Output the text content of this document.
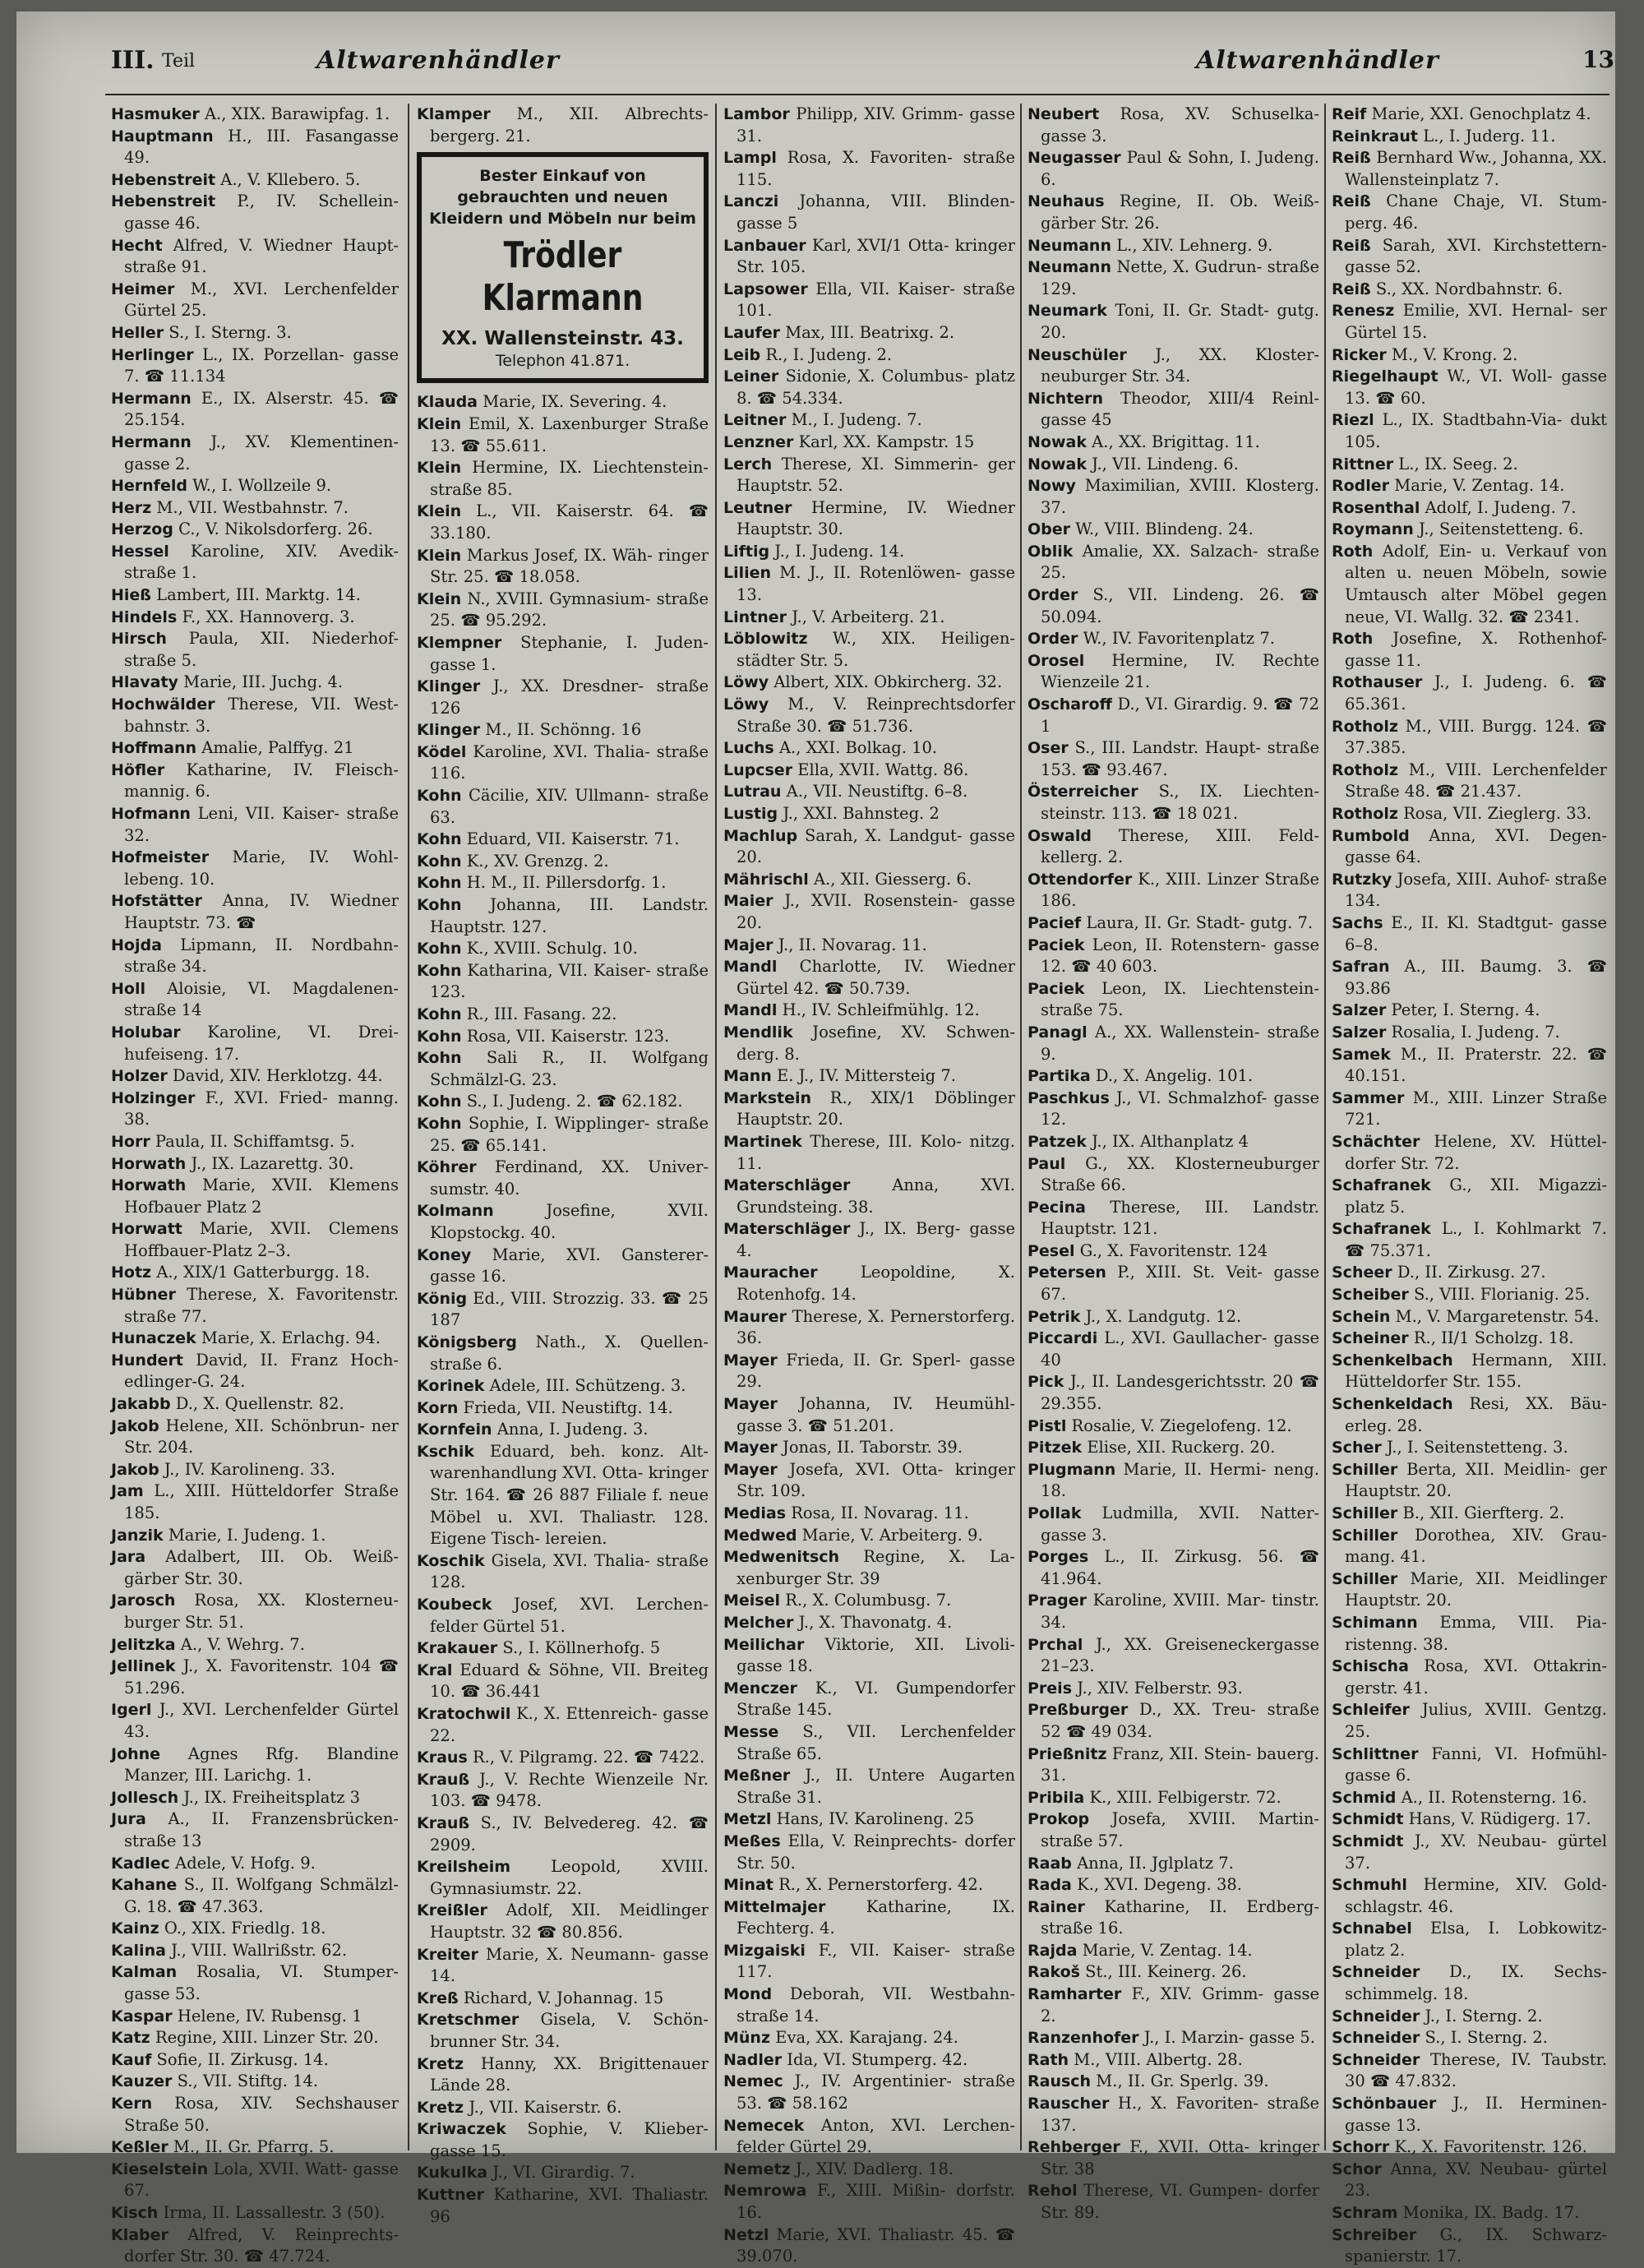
III. Teil	Altwarenhändler	Altwarenhändler	13

Hasmuker A., XIX. Barawipfag. 1.

Hauptmann H., III. Fasangasse 49.

Hebenstreit A., V. Kllebero. 5.

Hebenstreit P., IV. Schellein- gasse 46.

Hecht Alfred, V. Wiedner Haupt- straße 91.

Heimer M., XVI. Lerchenfelder Gürtel 25.

Heller S., I. Sterng. 3.

Herlinger L., IX. Porzellan- gasse 7. ☎ 11.134

Hermann E., IX. Alserstr. 45. ☎ 25.154.

Hermann J., XV. Klementinen- gasse 2.

Hernfeld W., I. Wollzeile 9.

Herz M., VII. Westbahnstr. 7.

Herzog C., V. Nikolsdorferg. 26.

Hessel Karoline, XIV. Avedik- straße 1.

Hieß Lambert, III. Marktg. 14.

Hindels F., XX. Hannoverg. 3.

Hirsch Paula, XII. Niederhof- straße 5.

Hlavaty Marie, III. Juchg. 4.

Hochwälder Therese, VII. West- bahnstr. 3.

Hoffmann Amalie, Palffyg. 21

Höfler Katharine, IV. Fleisch- mannig. 6.

Hofmann Leni, VII. Kaiser- straße 32.

Hofmeister Marie, IV. Wohl- lebeng. 10.

Hofstätter Anna, IV. Wiedner Hauptstr. 73. ☎

Hojda Lipmann, II. Nordbahn- straße 34.

Holl Aloisie, VI. Magdalenen- straße 14

Holubar Karoline, VI. Drei- hufeiseng. 17.

Holzer David, XIV. Herklotzg. 44.

Holzinger F., XVI. Fried- manng. 38.

Horr Paula, II. Schiffamtsg. 5.

Horwath J., IX. Lazarettg. 30.

Horwath Marie, XVII. Klemens Hofbauer Platz 2

Horwatt Marie, XVII. Clemens Hoffbauer-Platz 2–3.

Hotz A., XIX/1 Gatterburgg. 18.

Hübner Therese, X. Favoritenstr. straße 77.

Hunaczek Marie, X. Erlachg. 94.

Hundert David, II. Franz Hoch- edlinger-G. 24.

Jakabb D., X. Quellenstr. 82.

Jakob Helene, XII. Schönbrun- ner Str. 204.

Jakob J., IV. Karolineng. 33.

Jam L., XIII. Hütteldorfer Straße 185.

Janzik Marie, I. Judeng. 1.

Jara Adalbert, III. Ob. Weiß- gärber Str. 30.

Jarosch Rosa, XX. Klosterneu- burger Str. 51.

Jelitzka A., V. Wehrg. 7.

Jellinek J., X. Favoritenstr. 104 ☎ 51.296.

Igerl J., XVI. Lerchenfelder Gürtel 43.

Johne Agnes Rfg. Blandine Manzer, III. Larichg. 1.

Jollesch J., IX. Freiheitsplatz 3

Jura A., II. Franzensbrücken- straße 13

Kadlec Adele, V. Hofg. 9.

Kahane S., II. Wolfgang Schmälzl-G. 18. ☎ 47.363.

Kainz O., XIX. Friedlg. 18.

Kalina J., VIII. Wallrißstr. 62.

Kalman Rosalia, VI. Stumper- gasse 53.

Kaspar Helene, IV. Rubensg. 1

Katz Regine, XIII. Linzer Str. 20.

Kauf Sofie, II. Zirkusg. 14.

Kauzer S., VII. Stiftg. 14.

Kern Rosa, XIV. Sechshauser Straße 50.

Keßler M., II. Gr. Pfarrg. 5.

Kieselstein Lola, XVII. Watt- gasse 67.

Kisch Irma, II. Lassallestr. 3 (50).

Klaber Alfred, V. Reinprechts- dorfer Str. 30. ☎ 47.724.

Klamper M., XII. Albrechts- bergerg. 21.

Bester Einkauf von gebrauchten und neuen Kleidern und Möbeln nur beim
Trödler Klarmann
XX. Wallensteinstr. 43.
Telephon 41.871.

Klauda Marie, IX. Severing. 4.

Klein Emil, X. Laxenburger Straße 13. ☎ 55.611.

Klein Hermine, IX. Liechtenstein- straße 85.

Klein L., VII. Kaiserstr. 64. ☎ 33.180.

Klein Markus Josef, IX. Wäh- ringer Str. 25. ☎ 18.058.

Klein N., XVIII. Gymnasium- straße 25. ☎ 95.292.

Klempner Stephanie, I. Juden- gasse 1.

Klinger J., XX. Dresdner- straße 126

Klinger M., II. Schönng. 16

Ködel Karoline, XVI. Thalia- straße 116.

Kohn Cäcilie, XIV. Ullmann- straße 63.

Kohn Eduard, VII. Kaiserstr. 71.

Kohn K., XV. Grenzg. 2.

Kohn H. M., II. Pillersdorfg. 1.

Kohn Johanna, III. Landstr. Hauptstr. 127.

Kohn K., XVIII. Schulg. 10.

Kohn Katharina, VII. Kaiser- straße 123.

Kohn R., III. Fasang. 22.

Kohn Rosa, VII. Kaiserstr. 123.

Kohn Sali R., II. Wolfgang Schmälzl-G. 23.

Kohn S., I. Judeng. 2. ☎ 62.182.

Kohn Sophie, I. Wipplinger- straße 25. ☎ 65.141.

Köhrer Ferdinand, XX. Univer- sumstr. 40.

Kolmann	Josefine, XVII. Klopstockg. 40.

Koney Marie, XVI. Gansterer- gasse 16.

König Ed., VIII. Strozzig. 33. ☎ 25 187

Königsberg Nath., X. Quellen- straße 6.

Korinek Adele, III. Schützeng. 3.

Korn Frieda, VII. Neustiftg. 14.

Kornfein Anna, I. Judeng. 3.

Kschik Eduard, beh. konz. Alt- warenhandlung XVI. Otta- kringer Str. 164. ☎ 26 887 Filiale f. neue Möbel u. XVI. Thaliastr. 128. Eigene Tisch- lereien.

Koschik Gisela, XVI. Thalia- straße 128.

Koubeck Josef, XVI. Lerchen- felder Gürtel 51.

Krakauer S., I. Köllnerhofg. 5

Kral Eduard & Söhne, VII. Breiteg 10. ☎ 36.441

Kratochwil K., X. Ettenreich- gasse 22.

Kraus R., V. Pilgramg. 22. ☎ 7422.

Krauß J., V. Rechte Wienzeile Nr. 103. ☎ 9478.

Krauß S., IV. Belvedereg. 42. ☎ 2909.

Kreilsheim	Leopold, XVIII. Gymnasiumstr. 22.

Kreißler Adolf, XII. Meidlinger Hauptstr. 32 ☎ 80.856.

Kreiter Marie, X. Neumann- gasse 14.

Kreß Richard, V. Johannag. 15

Kretschmer Gisela, V. Schön- brunner Str. 34.

Kretz Hanny, XX. Brigittenauer Lände 28.

Kretz J., VII. Kaiserstr. 6.

Kriwaczek Sophie, V. Klieber- gasse 15.

Kukulka J., VI. Girardig. 7.

Kuttner Katharine, XVI. Thaliastr. 96

Lambor Philipp, XIV. Grimm- gasse 31.

Lampl Rosa, X. Favoriten- straße 115.

Lanczi Johanna, VIII. Blinden- gasse 5

Lanbauer Karl, XVI/1 Otta- kringer Str. 105.

Lapsower Ella, VII. Kaiser- straße 101.

Laufer Max, III. Beatrixg. 2.

Leib R., I. Judeng. 2.

Leiner Sidonie, X. Columbus- platz 8. ☎ 54.334.

Leitner M., I. Judeng. 7.

Lenzner Karl, XX. Kampstr. 15

Lerch Therese, XI. Simmerin- ger Hauptstr. 52.

Leutner Hermine, IV. Wiedner Hauptstr. 30.

Liftig J., I. Judeng. 14.

Lilien M. J., II. Rotenlöwen- gasse 13.

Lintner J., V. Arbeiterg. 21.

Löblowitz W., XIX. Heiligen- städter Str. 5.

Löwy Albert, XIX. Obkircherg. 32.

Löwy M., V. Reinprechtsdorfer Straße 30. ☎ 51.736.

Luchs A., XXI. Bolkag. 10.

Lupcser Ella, XVII. Wattg. 86.

Lutrau A., VII. Neustiftg. 6–8.

Lustig J., XXI. Bahnsteg. 2

Machlup Sarah, X. Landgut- gasse 20.

Mährischl A., XII. Giesserg. 6.

Maier J., XVII. Rosenstein- gasse 20.

Majer J., II. Novarag. 11.

Mandl Charlotte, IV. Wiedner Gürtel 42. ☎ 50.739.

Mandl H., IV. Schleifmühlg. 12.

Mendlik Josefine, XV. Schwen- derg. 8.

Mann E. J., IV. Mittersteig 7.

Markstein R., XIX/1 Döblinger Hauptstr. 20.

Martinek Therese, III. Kolo- nitzg. 11.

Materschläger	Anna, XVI. Grundsteing. 38.

Materschläger J., IX. Berg- gasse 4.

Mauracher	Leopoldine, X. Rotenhofg. 14.

Maurer Therese, X. Pernerstorferg. 36.

Mayer Frieda, II. Gr. Sperl- gasse 29.

Mayer Johanna, IV. Heumühl- gasse 3. ☎ 51.201.

Mayer Jonas, II. Taborstr. 39.

Mayer Josefa, XVI. Otta- kringer Str. 109.

Medias Rosa, II. Novarag. 11.

Medwed Marie, V. Arbeiterg. 9.

Medwenitsch Regine, X. La- xenburger Str. 39

Meisel R., X. Columbusg. 7.

Melcher J., X. Thavonatg. 4.

Meilichar Viktorie, XII. Livoli- gasse 18.

Menczer K., VI. Gumpendorfer Straße 145.

Messe S., VII. Lerchenfelder Straße 65.

Meßner J., II. Untere Augarten Straße 31.

Metzl Hans, IV. Karolineng. 25

Meßes Ella, V. Reinprechts- dorfer Str. 50.

Minat R., X. Pernerstorferg. 42.

Mittelmajer	Katharine, IX. Fechterg. 4.

Mizgaiski F., VII. Kaiser- straße 117.

Mond Deborah, VII. Westbahn- straße 14.

Münz Eva, XX. Karajang. 24.

Nadler Ida, VI. Stumperg. 42.

Nemec J., IV. Argentinier- straße 53. ☎ 58.162

Nemecek Anton, XVI. Lerchen- felder Gürtel 29.

Nemetz J., XIV. Dadlerg. 18.

Nemrowa F., XIII. Mißin- dorfstr. 16.

Netzl Marie, XVI. Thaliastr. 45. ☎ 39.070.

Neubert Rosa, XV. Schuselka- gasse 3.

Neugasser Paul & Sohn, I. Judeng. 6.

Neuhaus Regine, II. Ob. Weiß- gärber Str. 26.

Neumann L., XIV. Lehnerg. 9.

Neumann Nette, X. Gudrun- straße 129.

Neumark Toni, II. Gr. Stadt- gutg. 20.

Neuschüler J., XX. Kloster- neuburger Str. 34.

Nichtern Theodor, XIII/4 Reinl- gasse 45

Nowak A., XX. Brigittag. 11.

Nowak J., VII. Lindeng. 6.

Nowy Maximilian, XVIII. Klosterg. 37.

Ober W., VIII. Blindeng. 24.

Oblik Amalie, XX. Salzach- straße 25.

Order S., VII. Lindeng. 26. ☎ 50.094.

Order W., IV. Favoritenplatz 7.

Orosel Hermine, IV. Rechte Wienzeile 21.

Oscharoff D., VI. Girardig. 9. ☎ 72 1

Oser S., III. Landstr. Haupt- straße 153. ☎ 93.467.

Österreicher S., IX. Liechten- steinstr. 113. ☎ 18 021.

Oswald Therese, XIII. Feld- kellerg. 2.

Ottendorfer K., XIII. Linzer Straße 186.

Pacief Laura, II. Gr. Stadt- gutg. 7.

Paciek Leon, II. Rotenstern- gasse 12. ☎ 40 603.

Paciek Leon, IX. Liechtenstein- straße 75.

Panagl A., XX. Wallenstein- straße 9.

Partika D., X. Angelig. 101.

Paschkus J., VI. Schmalzhof- gasse 12.

Patzek J., IX. Althanplatz 4

Paul G., XX. Klosterneuburger Straße 66.

Pecina Therese, III. Landstr. Hauptstr. 121.

Pesel G., X. Favoritenstr. 124

Petersen P., XIII. St. Veit- gasse 67.

Petrik J., X. Landgutg. 12.

Piccardi L., XVI. Gaullacher- gasse 40

Pick J., II. Landesgerichtsstr. 20 ☎ 29.355.

Pistl Rosalie, V. Ziegelofeng. 12.

Pitzek Elise, XII. Ruckerg. 20.

Plugmann Marie, II. Hermi- neng. 18.

Pollak Ludmilla, XVII. Natter- gasse 3.

Porges L., II. Zirkusg. 56. ☎ 41.964.

Prager Karoline, XVIII. Mar- tinstr. 34.

Prchal J., XX. Greiseneckergasse 21–23.

Preis J., XIV. Felberstr. 93.

Preßburger D., XX. Treu- straße 52 ☎ 49 034.

Prießnitz Franz, XII. Stein- bauerg. 31.

Pribila K., XIII. Felbigerstr. 72.

Prokop Josefa, XVIII. Martin- straße 57.

Raab Anna, II. Jglplatz 7.

Rada K., XVI. Degeng. 38.

Rainer Katharine, II. Erdberg- straße 16.

Rajda Marie, V. Zentag. 14.

Rakoš St., III. Keinerg. 26.

Ramharter F., XIV. Grimm- gasse 2.

Ranzenhofer J., I. Marzin- gasse 5.

Rath M., VIII. Albertg. 28.

Rausch M., II. Gr. Sperlg. 39.

Rauscher H., X. Favoriten- straße 137.

Rehberger F., XVII. Otta- kringer Str. 38

Rehol Therese, VI. Gumpen- dorfer Str. 89.

Reif Marie, XXI. Genochplatz 4.

Reinkraut L., I. Juderg. 11.

Reiß Bernhard Ww., Johanna, XX. Wallensteinplatz 7.

Reiß Chane Chaje, VI. Stum- perg. 46.

Reiß Sarah, XVI. Kirchstettern- gasse 52.

Reiß S., XX. Nordbahnstr. 6.

Renesz Emilie, XVI. Hernal- ser Gürtel 15.

Ricker M., V. Krong. 2.

Riegelhaupt W., VI. Woll- gasse 13. ☎ 60.

Riezl L., IX. Stadtbahn-Via- dukt 105.

Rittner L., IX. Seeg. 2.

Rodler Marie, V. Zentag. 14.

Rosenthal Adolf, I. Judeng. 7.

Roymann J., Seitenstetteng. 6.

Roth Adolf, Ein- u. Verkauf von alten u. neuen Möbeln, sowie Umtausch alter Möbel gegen neue, VI. Wallg. 32. ☎ 2341.

Roth Josefine, X. Rothenhof- gasse 11.

Rothauser J., I. Judeng. 6. ☎ 65.361.

Rotholz M., VIII. Burgg. 124. ☎ 37.385.

Rotholz M., VIII. Lerchenfelder Straße 48. ☎ 21.437.

Rotholz Rosa, VII. Zieglerg. 33.

Rumbold Anna, XVI. Degen- gasse 64.

Rutzky Josefa, XIII. Auhof- straße 134.

Sachs E., II. Kl. Stadtgut- gasse 6–8.

Safran A., III. Baumg. 3. ☎ 93.86

Salzer Peter, I. Sterng. 4.

Salzer Rosalia, I. Judeng. 7.

Samek M., II. Praterstr. 22. ☎ 40.151.

Sammer M., XIII. Linzer Straße 721.

Schächter Helene, XV. Hüttel- dorfer Str. 72.

Schafranek G., XII. Migazzi- platz 5.

Schafranek L., I. Kohlmarkt 7. ☎ 75.371.

Scheer D., II. Zirkusg. 27.

Scheiber S., VIII. Florianig. 25.

Schein M., V. Margaretenstr. 54.

Scheiner R., II/1 Scholzg. 18.

Schenkelbach Hermann, XIII. Hütteldorfer Str. 155.

Schenkeldach Resi, XX. Bäu- erleg. 28.

Scher J., I. Seitenstetteng. 3.

Schiller Berta, XII. Meidlin- ger Hauptstr. 20.

Schiller B., XII. Gierfterg. 2.

Schiller Dorothea, XIV. Grau- mang. 41.

Schiller Marie, XII. Meidlinger Hauptstr. 20.

Schimann Emma, VIII. Pia- ristenng. 38.

Schischa Rosa, XVI. Ottakrin- gerstr. 41.

Schleifer Julius, XVIII. Gentzg. 25.

Schlittner Fanni, VI. Hofmühl- gasse 6.

Schmid A., II. Rotensterng. 16.

Schmidt Hans, V. Rüdigerg. 17.

Schmidt J., XV. Neubau- gürtel 37.

Schmuhl Hermine, XIV. Gold- schlagstr. 46.

Schnabel Elsa, I. Lobkowitz- platz 2.

Schneider D., IX. Sechs- schimmelg. 18.

Schneider J., I. Sterng. 2.

Schneider S., I. Sterng. 2.

Schneider Therese, IV. Taubstr. 30 ☎ 47.832.

Schönbauer J., II. Herminen- gasse 13.

Schorr K., X. Favoritenstr. 126.

Schor Anna, XV. Neubau- gürtel 23.

Schram Monika, IX. Badg. 17.

Schreiber G., IX. Schwarz- spanierstr. 17.
